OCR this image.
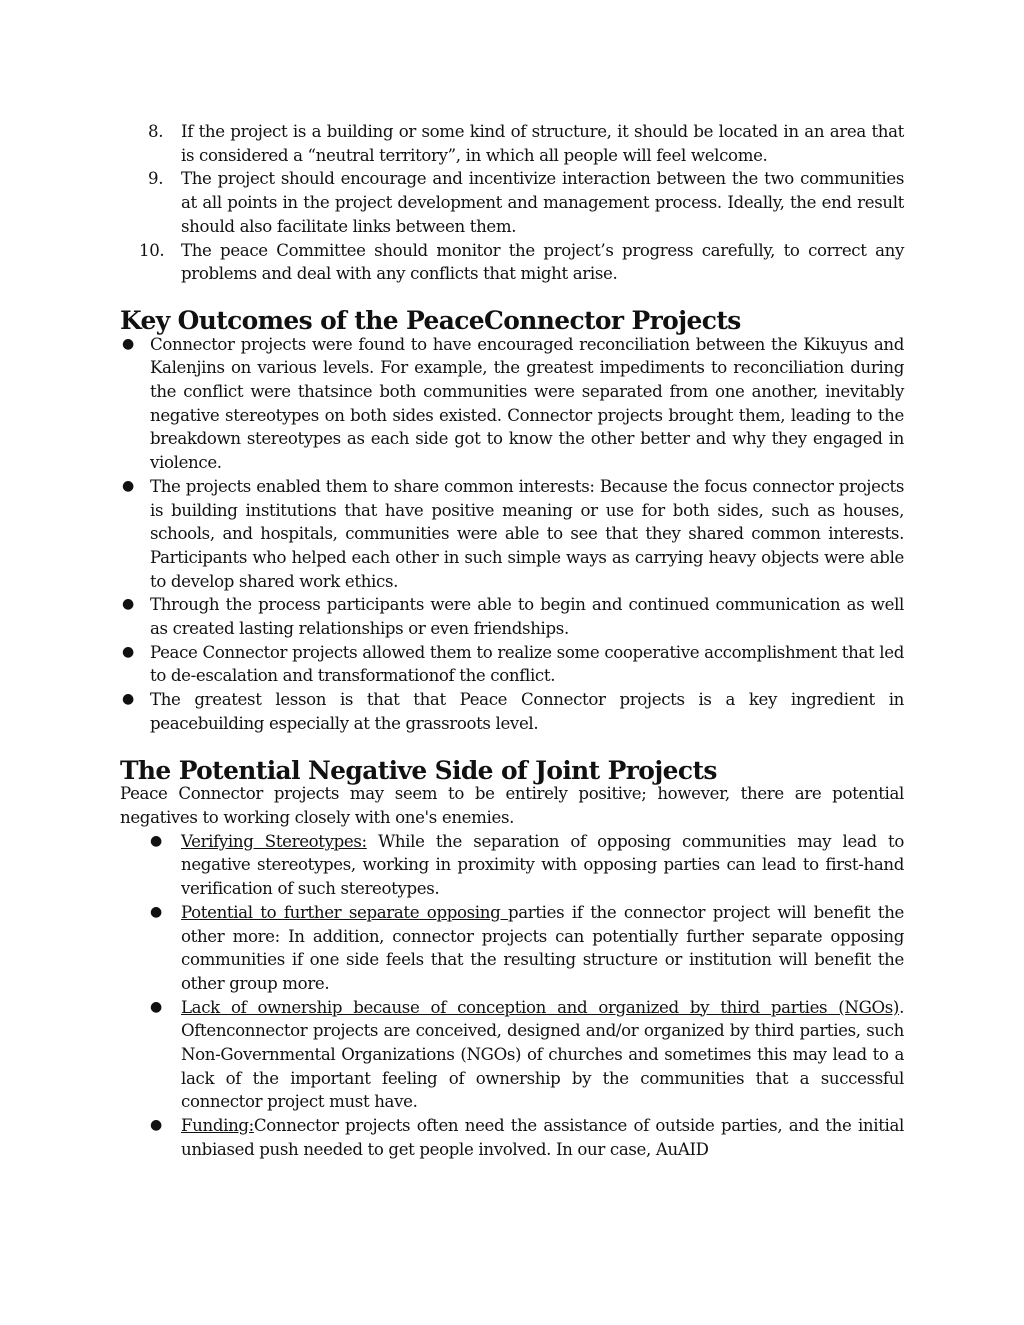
8. If the project is a building or some kind of structure, it should be located in an area that is considered a “neutral territory”, in which all people will feel welcome.
9. The project should encourage and incentivize interaction between the two communities at all points in the project development and management process. Ideally, the end result should also facilitate links between them.
10. The peace Committee should monitor the project’s progress carefully, to correct any problems and deal with any conflicts that might arise.
Key Outcomes of the PeaceConnector Projects
● Connector projects were found to have encouraged reconciliation between the Kikuyus and Kalenjins on various levels. For example, the greatest impediments to reconciliation during the conflict were thatsince both communities were separated from one another, inevitably negative stereotypes on both sides existed. Connector projects brought them, leading to the breakdown stereotypes as each side got to know the other better and why they engaged in violence.
● The projects enabled them to share common interests: Because the focus connector projects is building institutions that have positive meaning or use for both sides, such as houses, schools, and hospitals, communities were able to see that they shared common interests. Participants who helped each other in such simple ways as carrying heavy objects were able to develop shared work ethics.
● Through the process participants were able to begin and continued communication as well as created lasting relationships or even friendships.
● Peace Connector projects allowed them to realize some cooperative accomplishment that led to de-escalation and transformationof the conflict.
● The greatest lesson is that that Peace Connector projects is a key ingredient in peacebuilding especially at the grassroots level.
The Potential Negative Side of Joint Projects

Peace Connector projects may seem to be entirely positive; however, there are potential negatives to working closely with one's enemies.

● Verifying Stereotypes: While the separation of opposing communities may lead to negative stereotypes, working in proximity with opposing parties can lead to first-hand verification of such stereotypes.
● Potential to further separate opposing parties if the connector project will benefit the other more: In addition, connector projects can potentially further separate opposing communities if one side feels that the resulting structure or institution will benefit the other group more.
● Lack of ownership because of conception and organized by third parties (NGOs). Oftenconnector projects are conceived, designed and/or organized by third parties, such Non-Governmental Organizations (NGOs) of churches and sometimes this may lead to a lack of the important feeling of ownership by the communities that a successful connector project must have.
● Funding:Connector projects often need the assistance of outside parties, and the initial unbiased push needed to get people involved. In our case, AuAID
